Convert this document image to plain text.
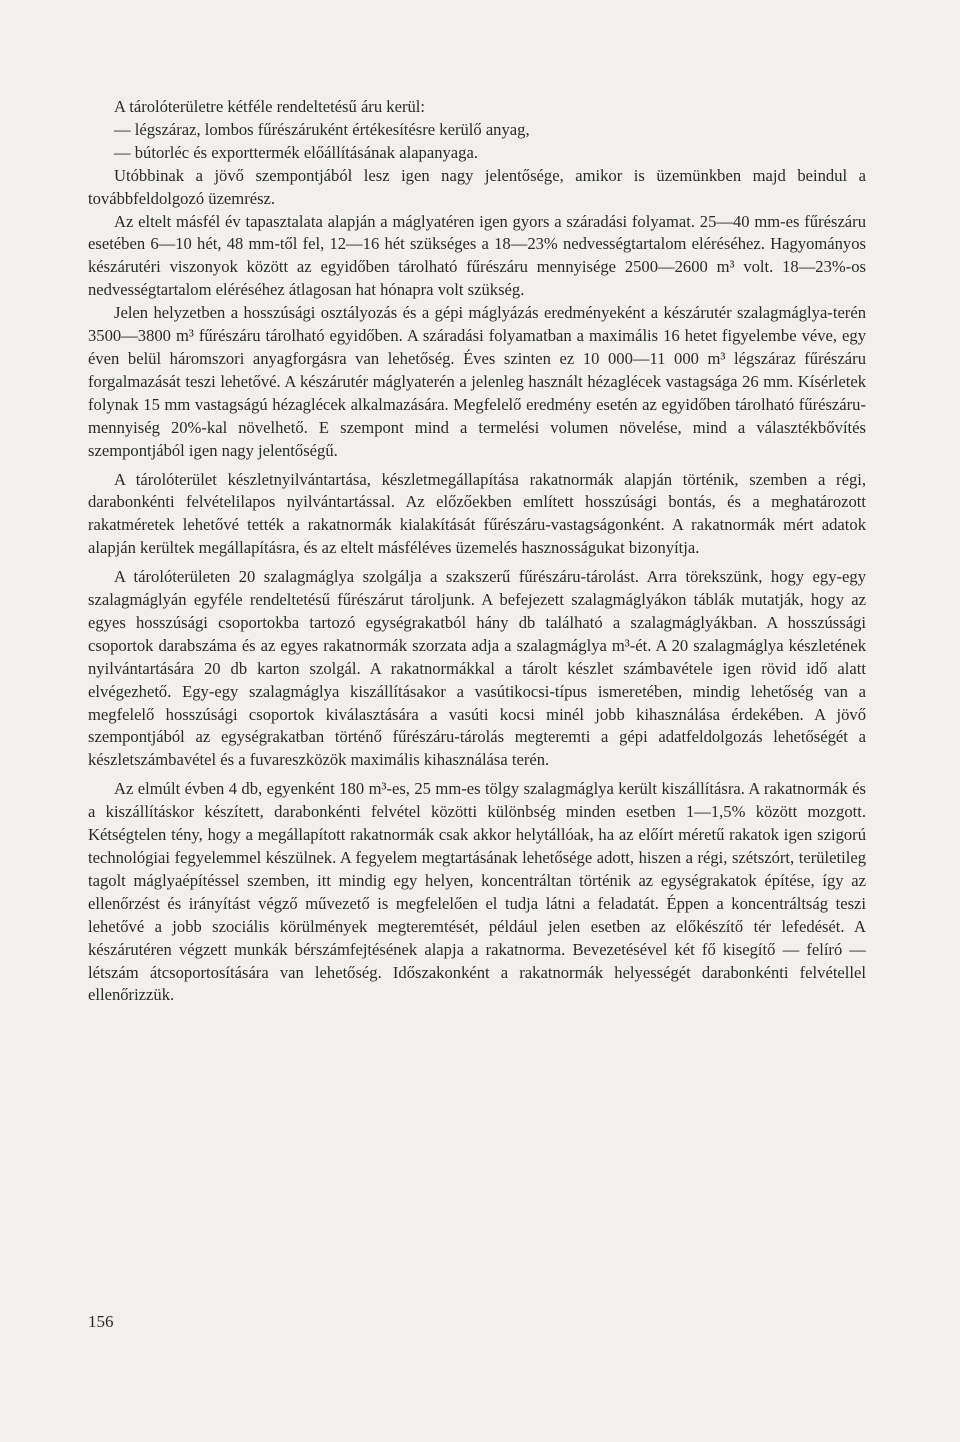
A tárolóterületre kétféle rendeltetésű áru kerül:

— légszáraz, lombos fűrészáruként értékesítésre kerülő anyag,

— bútorléc és exporttermék előállításának alapanyaga.

Utóbbinak a jövő szempontjából lesz igen nagy jelentősége, amikor is üzemünkben majd beindul a továbbfeldolgozó üzemrész.

Az eltelt másfél év tapasztalata alapján a máglyatéren igen gyors a száradási folyamat. 25—40 mm-es fűrészáru esetében 6—10 hét, 48 mm-től fel, 12—16 hét szükséges a 18—23% nedvességtartalom eléréséhez. Hagyományos készárutéri viszonyok között az egyidőben tárolható fűrészáru mennyisége 2500—2600 m³ volt. 18—23%-os nedvességtartalom eléréséhez átlagosan hat hónapra volt szükség.

Jelen helyzetben a hosszúsági osztályozás és a gépi máglyázás eredményeként a készárutér szalagmáglya-terén 3500—3800 m³ fűrészáru tárolható egyidőben. A száradási folyamatban a maximális 16 hetet figyelembe véve, egy éven belül háromszori anyagforgásra van lehetőség. Éves szinten ez 10 000—11 000 m³ légszáraz fűrészáru forgalmazását teszi lehetővé. A készárutér máglyaterén a jelenleg használt hézaglécek vastagsága 26 mm. Kísérletek folynak 15 mm vastagságú hézaglécek alkalmazására. Megfelelő eredmény esetén az egyidőben tárolható fűrészáru-mennyiség 20%-kal növelhető. E szempont mind a termelési volumen növelése, mind a választékbővítés szempontjából igen nagy jelentőségű.

A tárolóterület készletnyilvántartása, készletmegállapítása rakatnormák alapján történik, szemben a régi, darabonkénti felvételilapos nyilvántartással. Az előzőekben említett hosszúsági bontás, és a meghatározott rakatméretek lehetővé tették a rakatnormák kialakítását fűrészáru-vastagságonként. A rakatnormák mért adatok alapján kerültek megállapításra, és az eltelt másféléves üzemelés hasznosságukat bizonyítja.

A tárolóterületen 20 szalagmáglya szolgálja a szakszerű fűrészáru-tárolást. Arra törekszünk, hogy egy-egy szalagmáglyán egyféle rendeltetésű fűrészárut tároljunk. A befejezett szalagmáglyákon táblák mutatják, hogy az egyes hosszúsági csoportokba tartozó egységrakatból hány db található a szalagmáglyákban. A hosszússági csoportok darabszáma és az egyes rakatnormák szorzata adja a szalagmáglya m³-ét. A 20 szalagmáglya készletének nyilvántartására 20 db karton szolgál. A rakatnormákkal a tárolt készlet számbavétele igen rövid idő alatt elvégezhető. Egy-egy szalagmáglya kiszállításakor a vasútikocsi-típus ismeretében, mindig lehetőség van a megfelelő hosszúsági csoportok kiválasztására a vasúti kocsi minél jobb kihasználása érdekében. A jövő szempontjából az egységrakatban történő fűrészáru-tárolás megteremti a gépi adatfeldolgozás lehetőségét a készletszámbavétel és a fuvareszközök maximális kihasználása terén.

Az elmúlt évben 4 db, egyenként 180 m³-es, 25 mm-es tölgy szalagmáglya került kiszállításra. A rakatnormák és a kiszállításkor készített, darabonkénti felvétel közötti különbség minden esetben 1—1,5% között mozgott. Kétségtelen tény, hogy a megállapított rakatnormák csak akkor helytállóak, ha az előírt méretű rakatok igen szigorú technológiai fegyelemmel készülnek. A fegyelem megtartásának lehetősége adott, hiszen a régi, szétszórt, területileg tagolt máglyaépítéssel szemben, itt mindig egy helyen, koncentráltan történik az egységrakatok építése, így az ellenőrzést és irányítást végző művezető is megfelelően el tudja látni a feladatát. Éppen a koncentráltság teszi lehetővé a jobb szociális körülmények megteremtését, például jelen esetben az előkészítő tér lefedését. A készárutéren végzett munkák bérszámfejtésének alapja a rakatnorma. Bevezetésével két fő kisegítő — felíró — létszám átcsoportosítására van lehetőség. Időszakonként a rakatnormák helyességét darabonkénti felvétellel ellenőrizzük.

156
